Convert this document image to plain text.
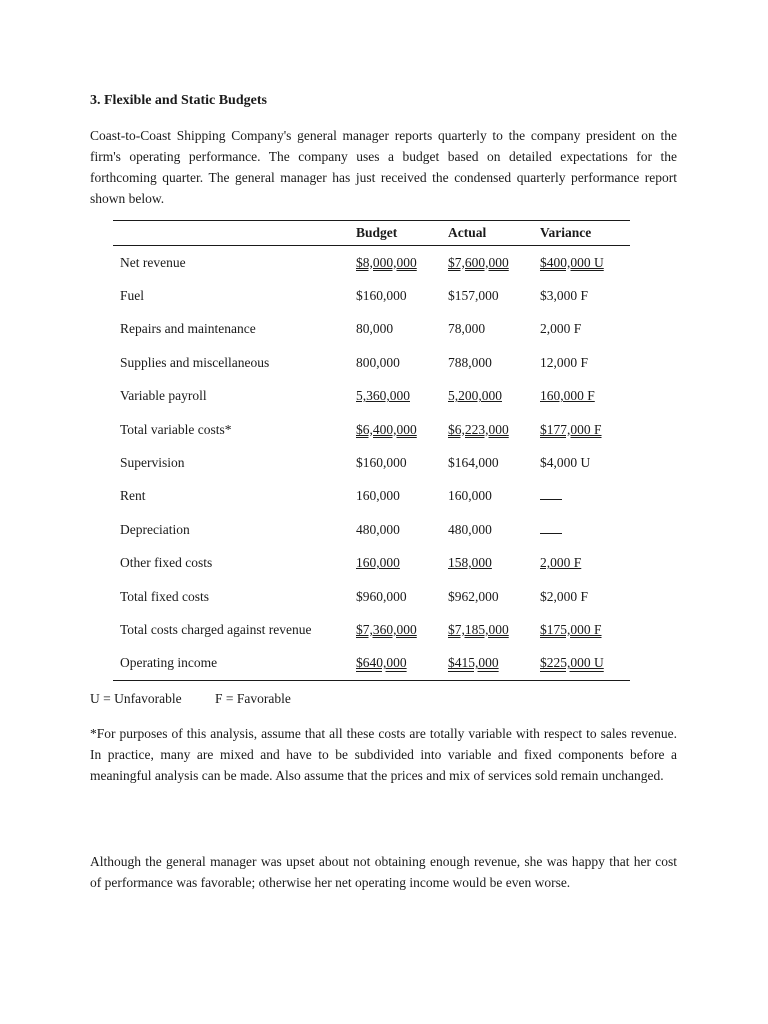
3. Flexible and Static Budgets
Coast-to-Coast Shipping Company's general manager reports quarterly to the company president on the firm's operating performance. The company uses a budget based on detailed expectations for the forthcoming quarter. The general manager has just received the condensed quarterly performance report shown below.
	Budget	Actual	Variance
Net revenue	$8,000,000	$7,600,000	$400,000 U
Fuel	$160,000	$157,000	$3,000 F
Repairs and maintenance	80,000	78,000	2,000 F
Supplies and miscellaneous	800,000	788,000	12,000 F
Variable payroll	5,360,000	5,200,000	160,000 F
Total variable costs*	$6,400,000	$6,223,000	$177,000 F
Supervision	$160,000	$164,000	$4,000 U
Rent	160,000	160,000	
Depreciation	480,000	480,000	
Other fixed costs	160,000	158,000	2,000 F
Total fixed costs	$960,000	$962,000	$2,000 F
Total costs charged against revenue	$7,360,000	$7,185,000	$175,000 F
Operating income	$640,000	$415,000	$225,000 U
U = Unfavorable F = Favorable
*For purposes of this analysis, assume that all these costs are totally variable with respect to sales revenue. In practice, many are mixed and have to be subdivided into variable and fixed components before a meaningful analysis can be made. Also assume that the prices and mix of services sold remain unchanged.
Although the general manager was upset about not obtaining enough revenue, she was happy that her cost of performance was favorable; otherwise her net operating income would be even worse.
